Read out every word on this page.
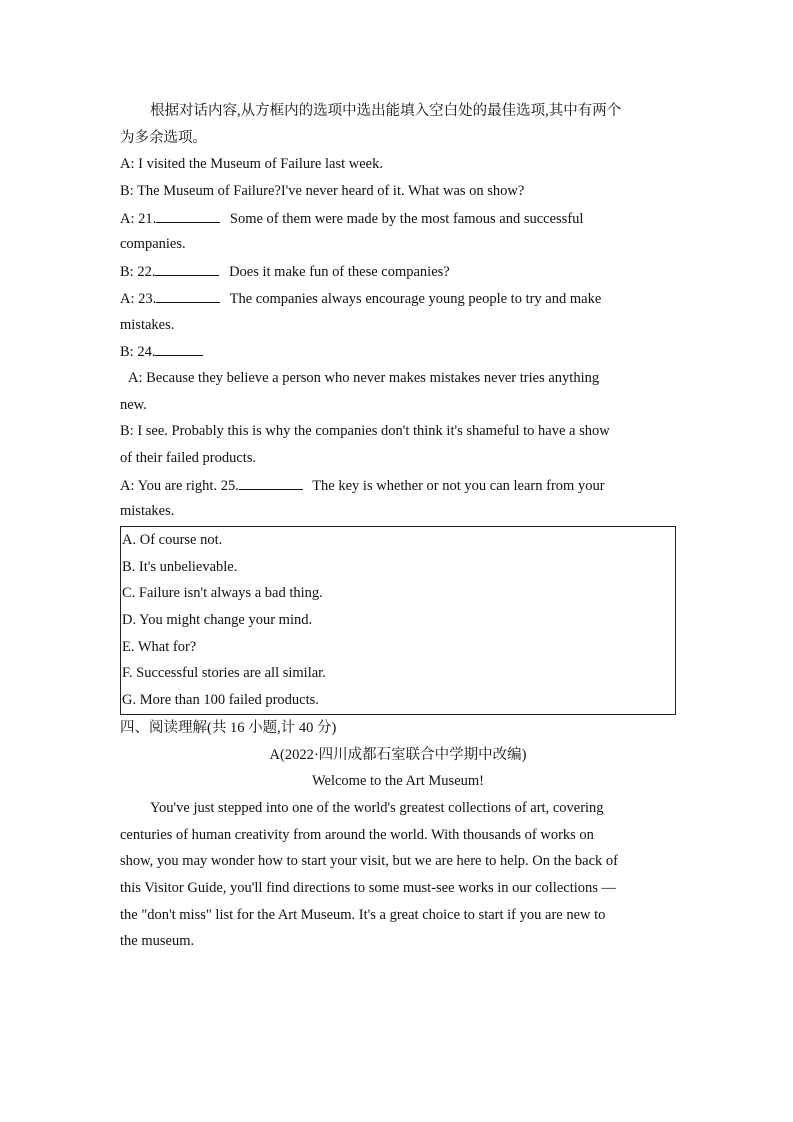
根据对话内容,从方框内的选项中选出能填入空白处的最佳选项,其中有两个
为多余选项。
A: I visited the Museum of Failure last week.
B: The Museum of Failure?I've never heard of it. What was on show?
A: 21.	Some of them were made by the most famous and successful
companies.
B: 22.	Does it make fun of these companies?
A: 23.	The companies always encourage young people to try and make
mistakes.
B: 24.
A: Because they believe a person who never makes mistakes never tries anything
new.
B: I see. Probably this is why the companies don't think it's shameful to have a show
of their failed products.
A: You are right. 25.	The key is whether or not you can learn from your
mistakes.
A. Of course not.
B. It's unbelievable.
C. Failure isn't always a bad thing.
D. You might change your mind.
E. What for?
F. Successful stories are all similar.
G. More than 100 failed products.
四、阅读理解(共 16 小题,计 40 分)
A(2022·四川成都石室联合中学期中改编)
Welcome to the Art Museum!
You've just stepped into one of the world's greatest collections of art, covering
centuries of human creativity from around the world. With thousands of works on
show, you may wonder how to start your visit, but we are here to help. On the back of
this Visitor Guide, you'll find directions to some must-see works in our collections —
the "don't miss" list for the Art Museum. It's a great choice to start if you are new to
the museum.
